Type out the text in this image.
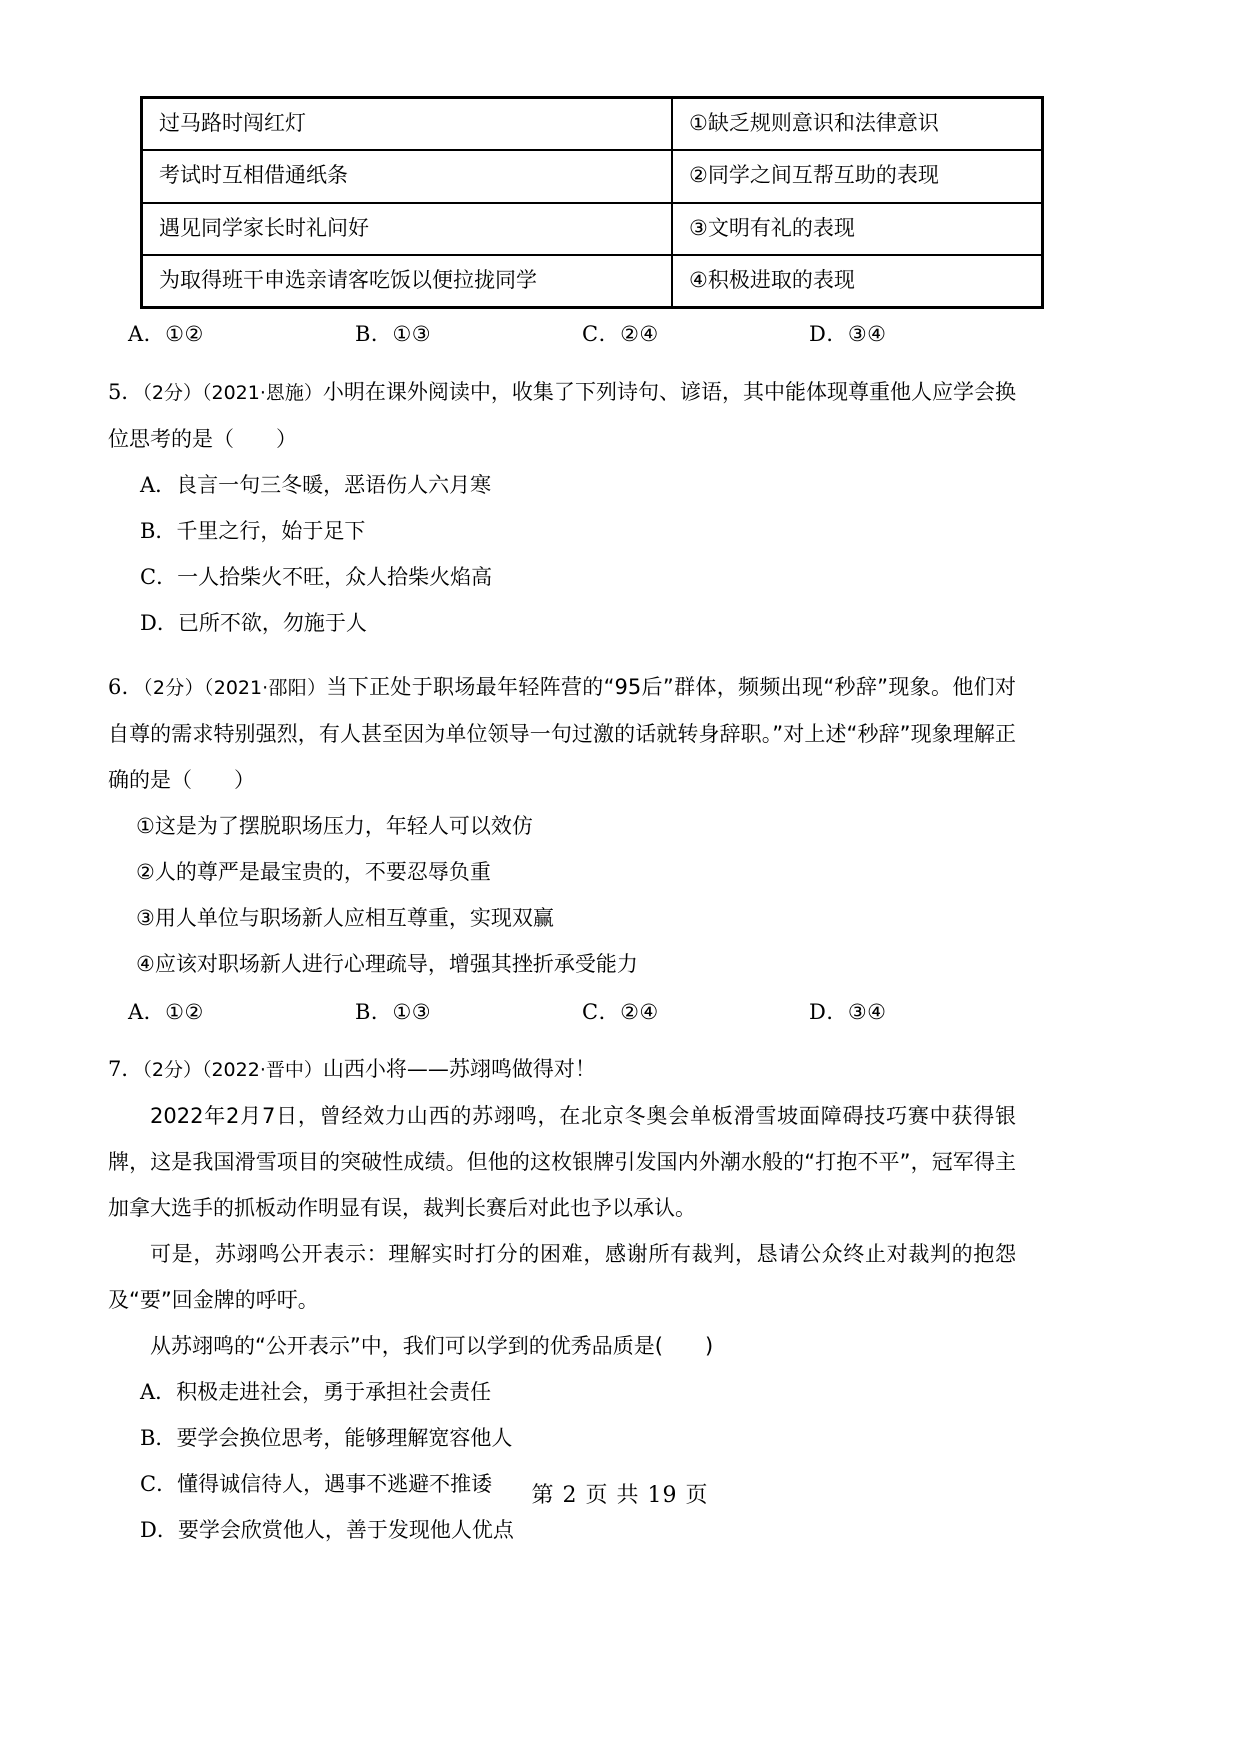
过马路时闯红灯	①缺乏规则意识和法律意识
考试时互相借通纸条	②同学之间互帮互助的表现
遇见同学家长时礼问好	③文明有礼的表现
为取得班干申选亲请客吃饭以便拉拢同学	④积极进取的表现
A．①②	B．①③	C．②④	D．③④
5．（2分）（2021·恩施）小明在课外阅读中，收集了下列诗句、谚语，其中能体现尊重他人应学会换位思考的是（　　）
A．良言一句三冬暖，恶语伤人六月寒
B．千里之行，始于足下
C．一人拾柴火不旺，众人拾柴火焰高
D．已所不欲，勿施于人
6．（2分）（2021·邵阳）当下正处于职场最年轻阵营的“95后”群体，频频出现“秒辞”现象。他们对自尊的需求特别强烈，有人甚至因为单位领导一句过激的话就转身辞职。”对上述“秒辞”现象理解正确的是（　　）
①这是为了摆脱职场压力，年轻人可以效仿
②人的尊严是最宝贵的，不要忍辱负重
③用人单位与职场新人应相互尊重，实现双赢
④应该对职场新人进行心理疏导，增强其挫折承受能力
A．①②	B．①③	C．②④	D．③④
7．（2分）（2022·晋中）山西小将——苏翊鸣做得对！
2022年2月7日，曾经效力山西的苏翊鸣，在北京冬奥会单板滑雪坡面障碍技巧赛中获得银牌，这是我国滑雪项目的突破性成绩。但他的这枚银牌引发国内外潮水般的“打抱不平”，冠军得主加拿大选手的抓板动作明显有误，裁判长赛后对此也予以承认。
可是，苏翊鸣公开表示：理解实时打分的困难，感谢所有裁判，恳请公众终止对裁判的抱怨及“要”回金牌的呼吁。
从苏翊鸣的“公开表示”中，我们可以学到的优秀品质是(　　)
A．积极走进社会，勇于承担社会责任
B．要学会换位思考，能够理解宽容他人
C．懂得诚信待人，遇事不逃避不推诿
D．要学会欣赏他人，善于发现他人优点
第 2 页 共 19 页
